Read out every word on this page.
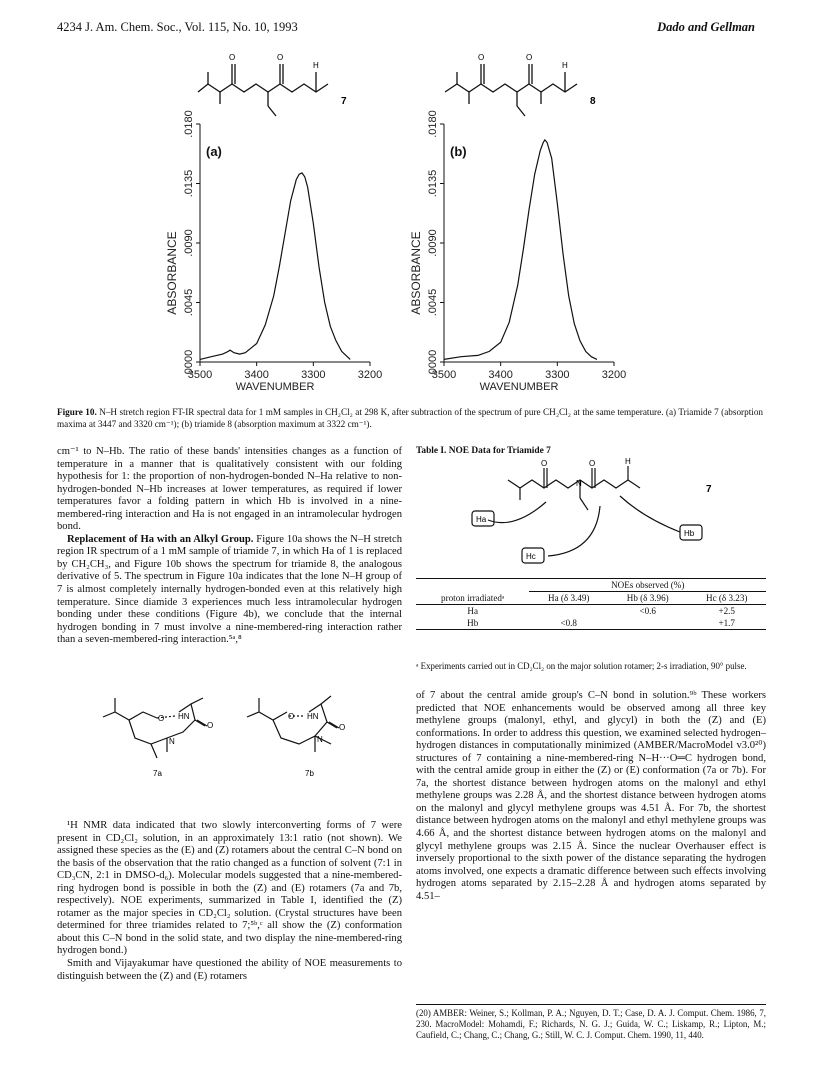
4234 J. Am. Chem. Soc., Vol. 115, No. 10, 1993	Dado and Gellman
O	O
H
7
O	O
H
8
0000
.0045
.0090
.0135
.0180
ABSORBANCE
3500	3400	3300	3200
WAVENUMBER
(a)
0000
.0045
.0090
.0135
.0180
ABSORBANCE
3500	3400	3300	3200
WAVENUMBER
(b)
Figure 10. N–H stretch region FT-IR spectral data for 1 mM samples in CH₂Cl₂ at 298 K, after subtraction of the spectrum of pure CH₂Cl₂ at the same temperature. (a) Triamide 7 (absorption maxima at 3447 and 3320 cm⁻¹); (b) triamide 8 (absorption maximum at 3322 cm⁻¹).

cm⁻¹ to N–Hb. The ratio of these bands' intensities changes as a function of temperature in a manner that is qualitatively consistent with our folding hypothesis for 1: the proportion of non-hydrogen-bonded N–Ha relative to non-hydrogen-bonded N–Hb increases at lower temperatures, as required if lower temperatures favor a folding pattern in which Hb is involved in a nine-membered-ring interaction and Ha is not engaged in an intramolecular hydrogen bond.

Replacement of Ha with an Alkyl Group. Figure 10a shows the N–H stretch region IR spectrum of a 1 mM sample of triamide 7, in which Ha of 1 is replaced by CH₂CH₃, and Figure 10b shows the spectrum for triamide 8, the analogous derivative of 5. The spectrum in Figure 10a indicates that the lone N–H group of 7 is almost completely internally hydrogen-bonded even at this relatively high temperature. Since diamide 3 experiences much less intramolecular hydrogen bonding under these conditions (Figure 4b), we conclude that the internal hydrogen bonding in 7 must involve a nine-membered-ring interaction rather than a seven-membered-ring interaction.⁵ᵃ,⁸

O HN
O
N
7a
O HN
O
N
7b

¹H NMR data indicated that two slowly interconverting forms of 7 were present in CD₂Cl₂ solution, in an approximately 13:1 ratio (not shown). We assigned these species as the (E) and (Z) rotamers about the central C–N bond on the basis of the observation that the ratio changed as a function of solvent (7:1 in CD₃CN, 2:1 in DMSO-d₆). Molecular models suggested that a nine-membered-ring hydrogen bond is possible in both the (Z) and (E) rotamers (7a and 7b, respectively). NOE experiments, summarized in Table I, identified the (Z) rotamer as the major species in CD₂Cl₂ solution. (Crystal structures have been determined for three triamides related to 7;⁵ᵇ,ᶜ all show the (Z) conformation about this C–N bond in the solid state, and two display the nine-membered-ring hydrogen bond.)

Smith and Vijayakumar have questioned the ability of NOE measurements to distinguish between the (Z) and (E) rotamers

Table I. NOE Data for Triamide 7
O	O
N
H
7
Ha
Hc
Hb
	NOEs observed (%)		
proton irradiatedᵃ	Ha (δ 3.49)	Hb (δ 3.96)	Hc (δ 3.23)
Ha		<0.6	+2.5
Hb	<0.8		+1.7
ᵃ Experiments carried out in CD₂Cl₂ on the major solution rotamer; 2-s irradiation, 90° pulse.

of 7 about the central amide group's C–N bond in solution.⁹ᵇ These workers predicted that NOE enhancements would be observed among all three key methylene groups (malonyl, ethyl, and glycyl) in both the (Z) and (E) conformations. In order to address this question, we examined selected hydrogen–hydrogen distances in computationally minimized (AMBER/MacroModel v3.0²⁰) structures of 7 containing a nine-membered-ring N–H···O═C hydrogen bond, with the central amide group in either the (Z) or (E) conformation (7a or 7b). For 7a, the shortest distance between hydrogen atoms on the malonyl and ethyl methylene groups was 2.28 Å, and the shortest distance between hydrogen atoms on the malonyl and glycyl methylene groups was 4.51 Å. For 7b, the shortest distance between hydrogen atoms on the malonyl and ethyl methylene groups was 4.66 Å, and the shortest distance between hydrogen atoms on the malonyl and glycyl methylene groups was 2.15 Å. Since the nuclear Overhauser effect is inversely proportional to the sixth power of the distance separating the hydrogen atoms involved, one expects a dramatic difference between such effects involving hydrogen atoms separated by 2.15–2.28 Å and hydrogen atoms separated by 4.51–

(20) AMBER: Weiner, S.; Kollman, P. A.; Nguyen, D. T.; Case, D. A. J. Comput. Chem. 1986, 7, 230. MacroModel: Mohamdi, F.; Richards, N. G. J.; Guida, W. C.; Liskamp, R.; Lipton, M.; Caufield, C.; Chang, C.; Chang, G.; Still, W. C. J. Comput. Chem. 1990, 11, 440.
